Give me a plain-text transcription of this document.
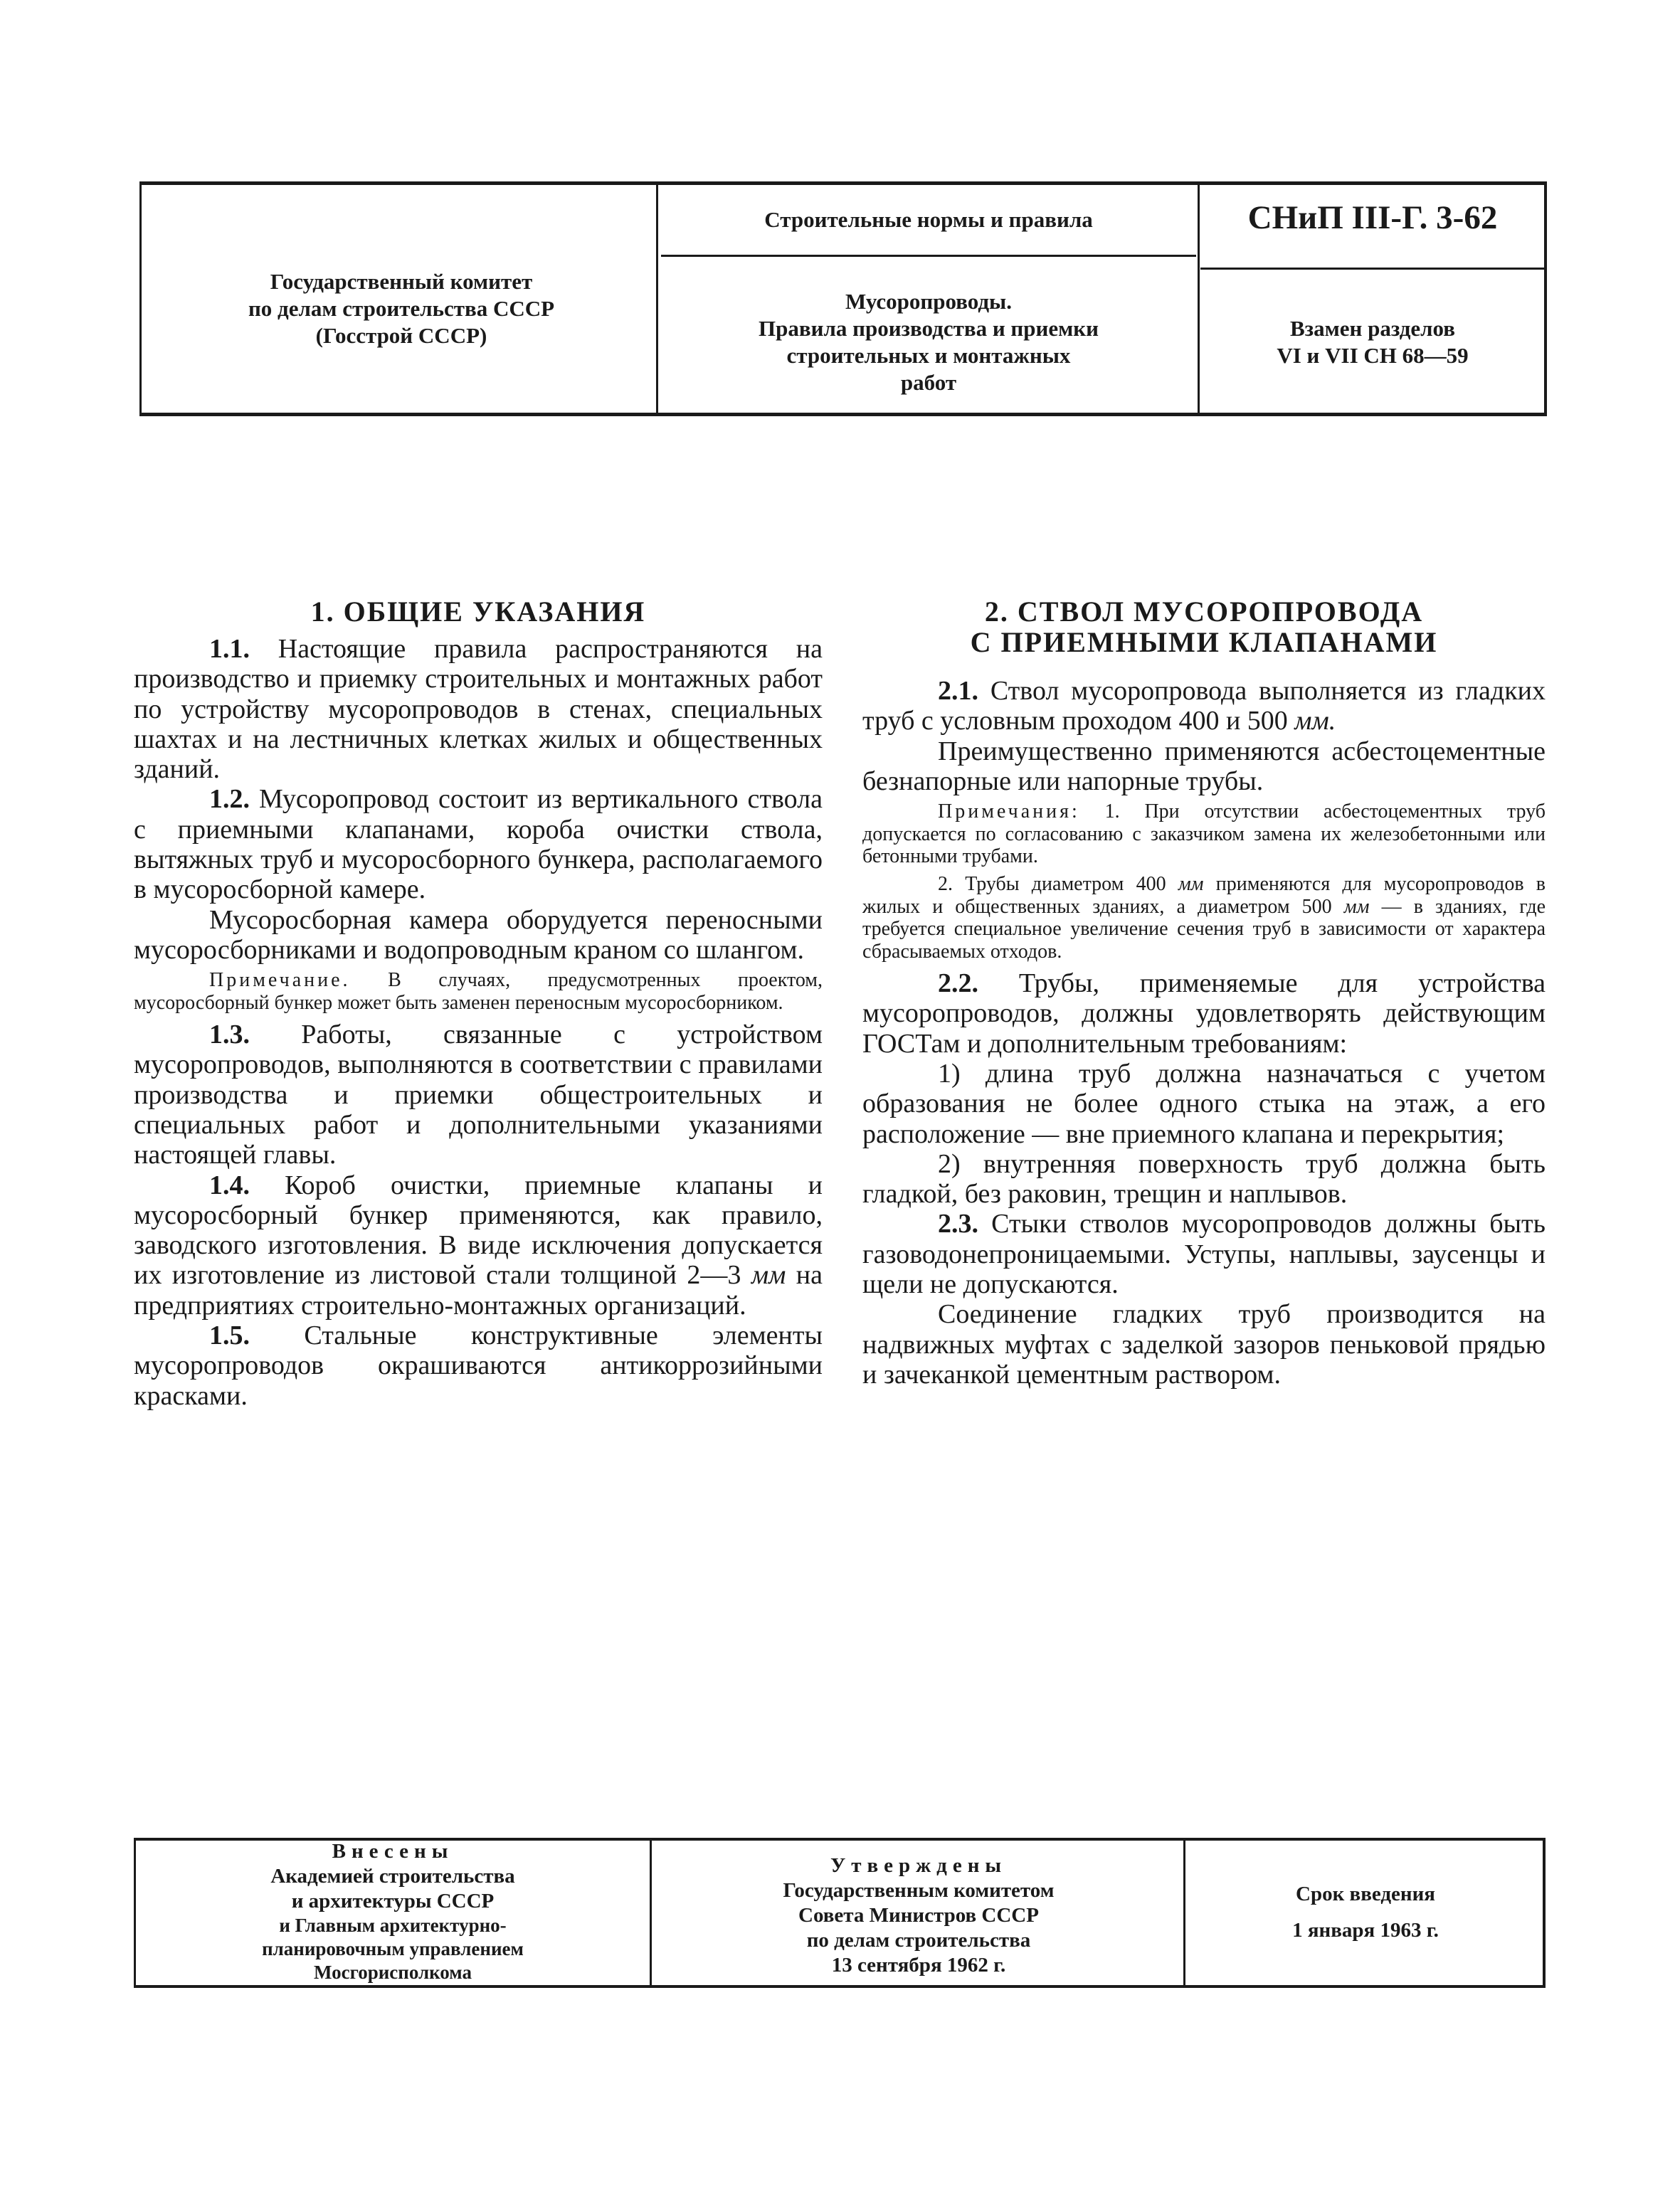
Государственный комитет
по делам строительства СССР
(Госстрой СССР)
Строительные нормы и правила	СНиП III-Г. 3-62
Мусоропроводы.
Правила производства и приемки
строительных и монтажных
работ
Взамен разделов
VI и VII СН 68—59
1. ОБЩИЕ УКАЗАНИЯ

1.1. Настоящие правила распространяются на производство и приемку строительных и монтажных работ по устройству мусоропроводов в стенах, специальных шахтах и на лестничных клетках жилых и общественных зданий.

1.2. Мусоропровод состоит из вертикального ствола с приемными клапанами, короба очистки ствола, вытяжных труб и мусоросборного бункера, располагаемого в мусоросборной камере.

Мусоросборная камера оборудуется переносными мусоросборниками и водопроводным краном со шлангом.

Примечание. В случаях, предусмотренных проектом, мусоросборный бункер может быть заменен переносным мусоросборником.

1.3. Работы, связанные с устройством мусоропроводов, выполняются в соответствии с правилами производства и приемки общестроительных и специальных работ и дополнительными указаниями настоящей главы.

1.4. Короб очистки, приемные клапаны и мусоросборный бункер применяются, как правило, заводского изготовления. В виде исключения допускается их изготовление из листовой стали толщиной 2—3 мм на предприятиях строительно-монтажных организаций.

1.5. Стальные конструктивные элементы мусоропроводов окрашиваются антикоррозийными красками.

2. СТВОЛ МУСОРОПРОВОДА
С ПРИЕМНЫМИ КЛАПАНАМИ

2.1. Ствол мусоропровода выполняется из гладких труб с условным проходом 400 и 500 мм.

Преимущественно применяются асбестоцементные безнапорные или напорные трубы.

Примечания: 1. При отсутствии асбестоцементных труб допускается по согласованию с заказчиком замена их железобетонными или бетонными трубами.

2. Трубы диаметром 400 мм применяются для мусоропроводов в жилых и общественных зданиях, а диаметром 500 мм — в зданиях, где требуется специальное увеличение сечения труб в зависимости от характера сбрасываемых отходов.

2.2. Трубы, применяемые для устройства мусоропроводов, должны удовлетворять действующим ГОСТам и дополнительным требованиям:

1) длина труб должна назначаться с учетом образования не более одного стыка на этаж, а его расположение — вне приемного клапана и перекрытия;

2) внутренняя поверхность труб должна быть гладкой, без раковин, трещин и наплывов.

2.3. Стыки стволов мусоропроводов должны быть газоводонепроницаемыми. Уступы, наплывы, заусенцы и щели не допускаются.

Соединение гладких труб производится на надвижных муфтах с заделкой зазоров пеньковой прядью и зачеканкой цементным раствором.

Внесены
Академией строительства
и архитектуры СССР
и Главным архитектурно-
планировочным управлением
Мосгорисполкома
Утверждены
Государственным комитетом
Совета Министров СССР
по делам строительства
13 сентября 1962 г.
Срок введения
1 января 1963 г.
